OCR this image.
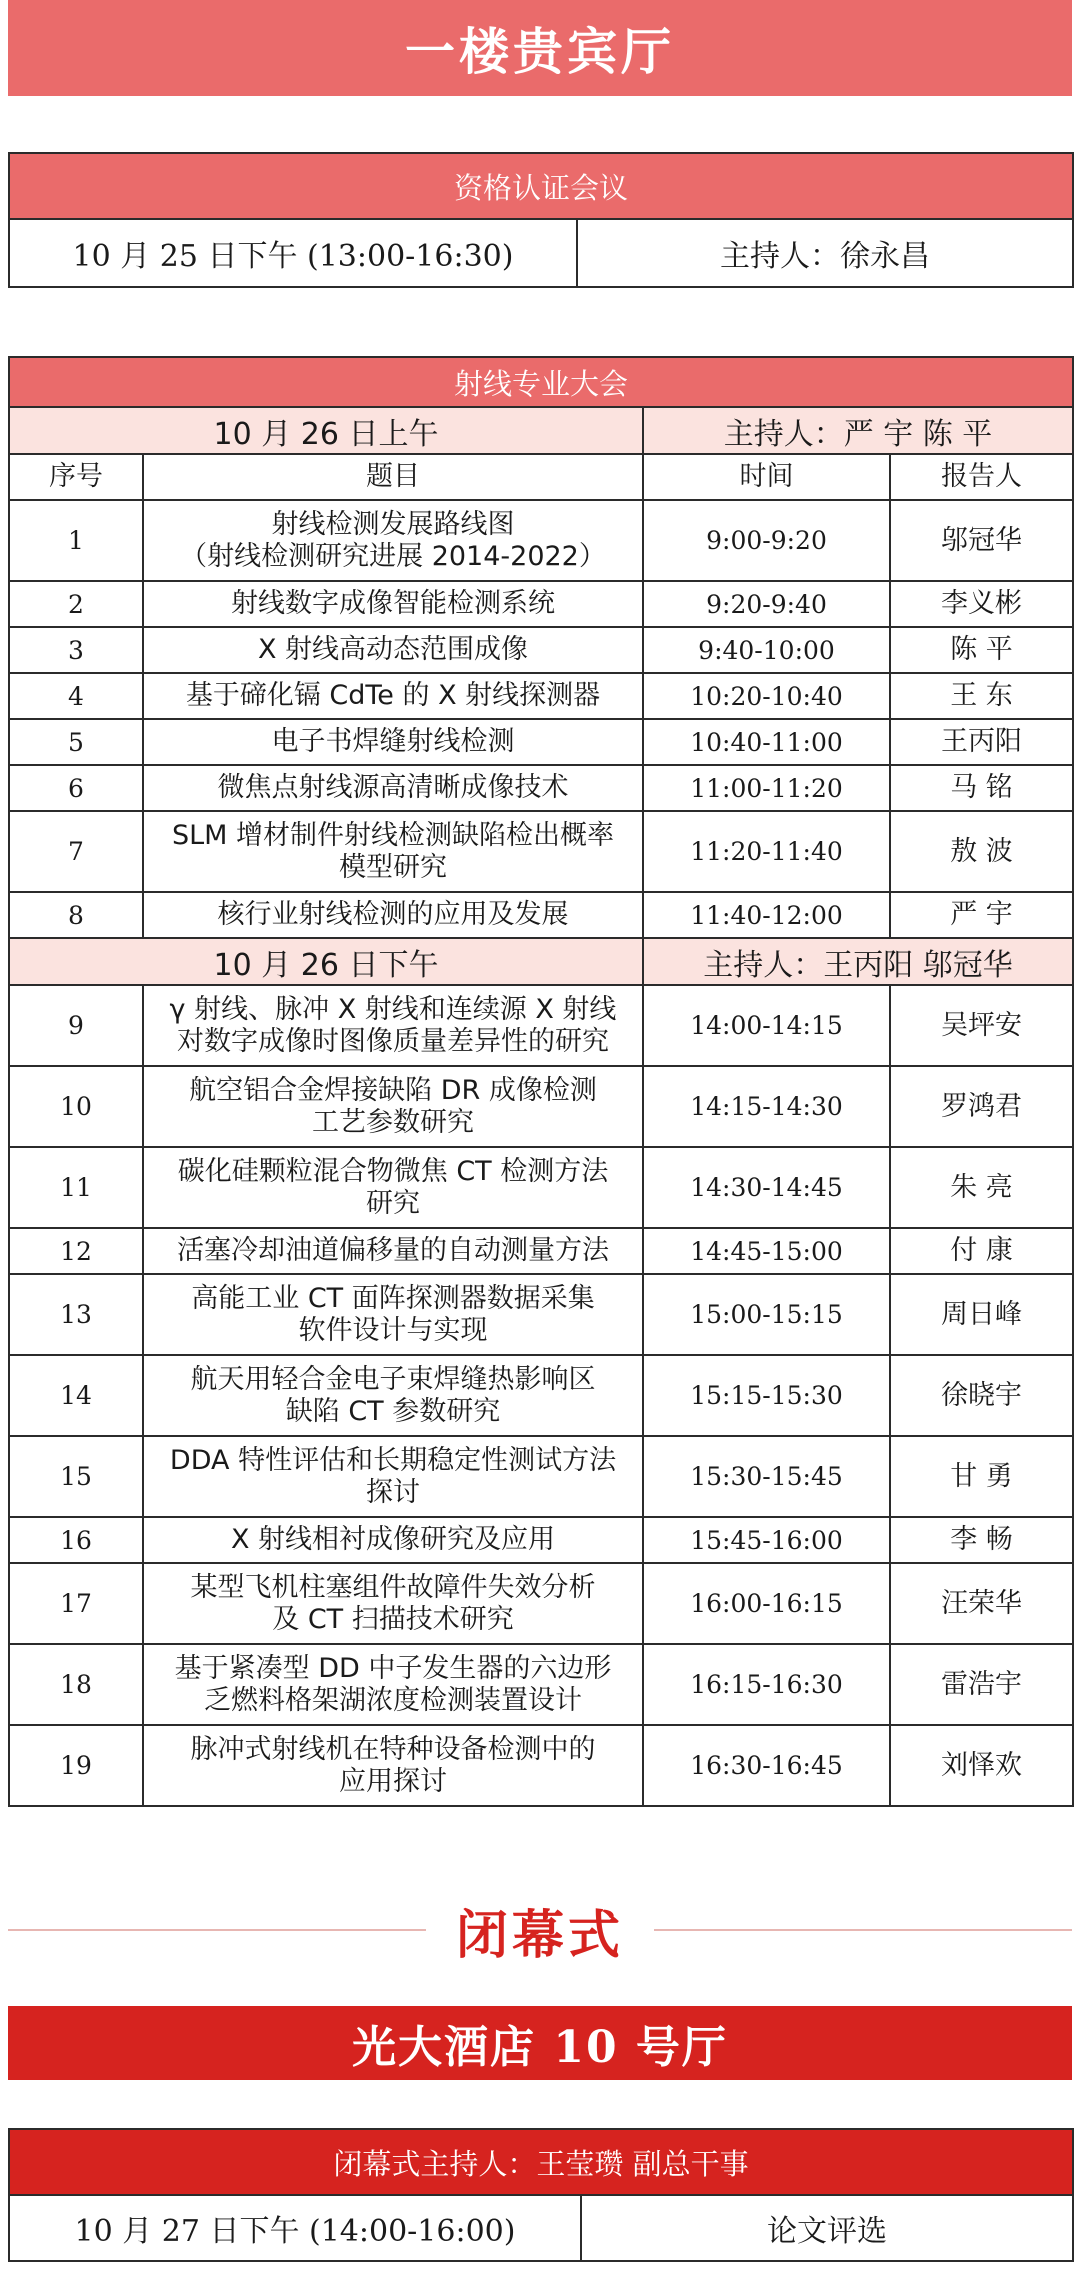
一楼贵宾厅
资格认证会议
10 月 25 日下午 (13:00-16:30)	主持人：徐永昌
射线专业大会			
10 月 26 日上午		主持人：严 宇 陈 平	
序号	题目	时间	报告人
1	射线检测发展路线图
（射线检测研究进展 2014-2022）	9:00-9:20	邬冠华
2	射线数字成像智能检测系统	9:20-9:40	李义彬
3	X 射线高动态范围成像	9:40-10:00	陈 平
4	基于碲化镉 CdTe 的 X 射线探测器	10:20-10:40	王 东
5	电子书焊缝射线检测	10:40-11:00	王丙阳
6	微焦点射线源高清晰成像技术	11:00-11:20	马 铭
7	SLM 增材制件射线检测缺陷检出概率
模型研究	11:20-11:40	敖 波
8	核行业射线检测的应用及发展	11:40-12:00	严 宇
10 月 26 日下午		主持人：王丙阳 邬冠华	
9	γ 射线、脉冲 X 射线和连续源 X 射线
对数字成像时图像质量差异性的研究	14:00-14:15	吴坪安
10	航空铝合金焊接缺陷 DR 成像检测
工艺参数研究	14:15-14:30	罗鸿君
11	碳化硅颗粒混合物微焦 CT 检测方法
研究	14:30-14:45	朱 亮
12	活塞冷却油道偏移量的自动测量方法	14:45-15:00	付 康
13	高能工业 CT 面阵探测器数据采集
软件设计与实现	15:00-15:15	周日峰
14	航天用轻合金电子束焊缝热影响区
缺陷 CT 参数研究	15:15-15:30	徐晓宇
15	DDA 特性评估和长期稳定性测试方法
探讨	15:30-15:45	甘 勇
16	X 射线相衬成像研究及应用	15:45-16:00	李 畅
17	某型飞机柱塞组件故障件失效分析
及 CT 扫描技术研究	16:00-16:15	汪荣华
18	基于紧凑型 DD 中子发生器的六边形
乏燃料格架湖浓度检测装置设计	16:15-16:30	雷浩宇
19	脉冲式射线机在特种设备检测中的
应用探讨	16:30-16:45	刘怿欢
闭幕式
光大酒店 10 号厅
闭幕式主持人：王莹瓒 副总干事
10 月 27 日下午 (14:00-16:00)	论文评选
